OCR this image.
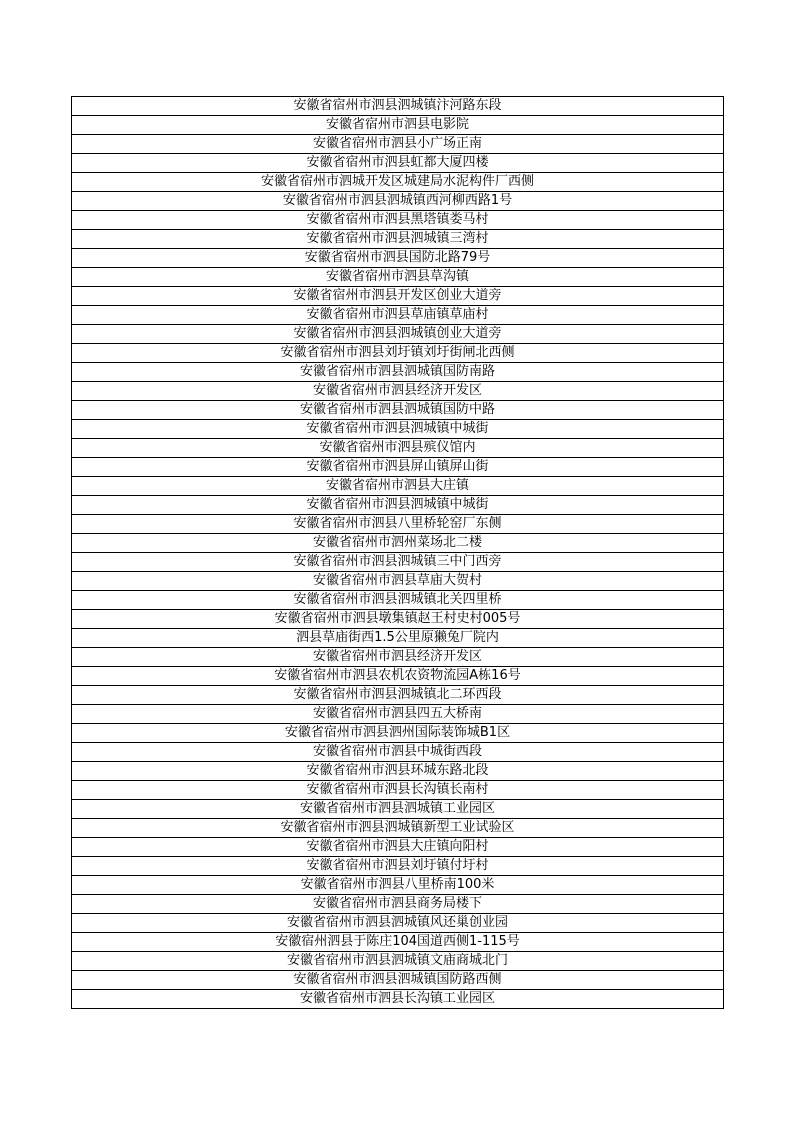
安徽省宿州市泗县泗城镇汴河路东段
安徽省宿州市泗县电影院
安徽省宿州市泗县小广场正南
安徽省宿州市泗县虹都大厦四楼
安徽省宿州市泗城开发区城建局水泥构件厂西侧
安徽省宿州市泗县泗城镇西河柳西路1号
安徽省宿州市泗县黑塔镇娄马村
安徽省宿州市泗县泗城镇三湾村
安徽省宿州市泗县国防北路79号
安徽省宿州市泗县草沟镇
安徽省宿州市泗县开发区创业大道旁
安徽省宿州市泗县草庙镇草庙村
安徽省宿州市泗县泗城镇创业大道旁
安徽省宿州市泗县刘圩镇刘圩街闸北西侧
安徽省宿州市泗县泗城镇国防南路
安徽省宿州市泗县经济开发区
安徽省宿州市泗县泗城镇国防中路
安徽省宿州市泗县泗城镇中城街
安徽省宿州市泗县殡仪馆内
安徽省宿州市泗县屏山镇屏山街
安徽省宿州市泗县大庄镇
安徽省宿州市泗县泗城镇中城街
安徽省宿州市泗县八里桥轮窑厂东侧
安徽省宿州市泗州菜场北二楼
安徽省宿州市泗县泗城镇三中门西旁
安徽省宿州市泗县草庙大贺村
安徽省宿州市泗县泗城镇北关四里桥
安徽省宿州市泗县墩集镇赵王村史村005号
泗县草庙街西1.5公里原獭兔厂院内
安徽省宿州市泗县经济开发区
安徽省宿州市泗县农机农资物流园A栋16号
安徽省宿州市泗县泗城镇北二环西段
安徽省宿州市泗县四五大桥南
安徽省宿州市泗县泗州国际装饰城B1区
安徽省宿州市泗县中城街西段
安徽省宿州市泗县环城东路北段
安徽省宿州市泗县长沟镇长南村
安徽省宿州市泗县泗城镇工业园区
安徽省宿州市泗县泗城镇新型工业试验区
安徽省宿州市泗县大庄镇向阳村
安徽省宿州市泗县刘圩镇付圩村
安徽省宿州市泗县八里桥南100米
安徽省宿州市泗县商务局楼下
安徽省宿州市泗县泗城镇风还巢创业园
安徽宿州泗县于陈庄104国道西侧1-115号
安徽省宿州市泗县泗城镇文庙商城北门
安徽省宿州市泗县泗城镇国防路西侧
安徽省宿州市泗县长沟镇工业园区
